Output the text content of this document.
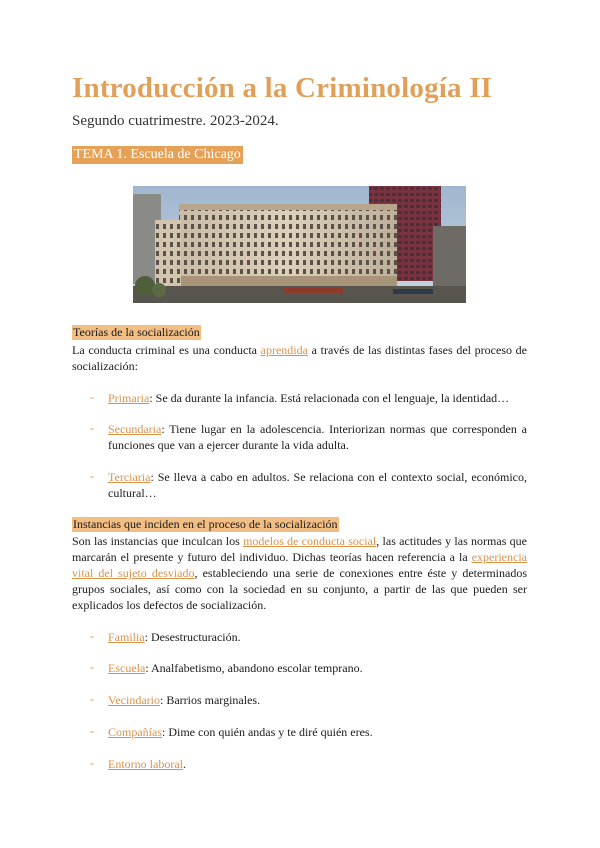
Introducción a la Criminología II
Segundo cuatrimestre. 2023-2024.
TEMA 1. Escuela de Chicago
Teorías de la socialización

La conducta criminal es una conducta aprendida a través de las distintas fases del proceso de socialización:

- Primaria: Se da durante la infancia. Está relacionada con el lenguaje, la identidad…

- Secundaria: Tiene lugar en la adolescencia. Interiorizan normas que corresponden a funciones que van a ejercer durante la vida adulta.

- Terciaria: Se lleva a cabo en adultos. Se relaciona con el contexto social, económico, cultural…

Instancias que inciden en el proceso de la socialización

Son las instancias que inculcan los modelos de conducta social, las actitudes y las normas que marcarán el presente y futuro del individuo. Dichas teorías hacen referencia a la experiencia vital del sujeto desviado, estableciendo una serie de conexiones entre éste y determinados grupos sociales, así como con la sociedad en su conjunto, a partir de las que pueden ser explicados los defectos de socialización.

- Familia: Desestructuración.

- Escuela: Analfabetismo, abandono escolar temprano.

- Vecindario: Barrios marginales.

- Compañías: Dime con quién andas y te diré quién eres.

- Entorno laboral.
